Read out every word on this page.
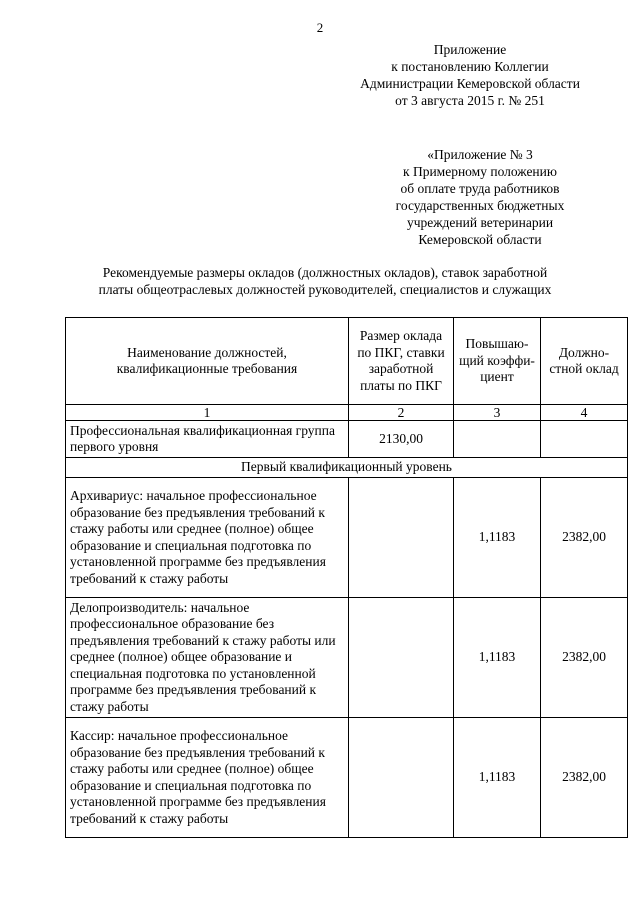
2
Приложение
к постановлению Коллегии
Администрации Кемеровской области
от 3 августа 2015 г. № 251
«Приложение № 3
к Примерному положению
об оплате труда работников
государственных бюджетных
учреждений ветеринарии
Кемеровской области
Рекомендуемые размеры окладов (должностных окладов), ставок заработной
платы общеотраслевых должностей руководителей, специалистов и служащих
Наименование должностей, квалификационные требования	Размер оклада по ПКГ, ставки заработной платы по ПКГ	Повышаю-щий коэффи-циент	Должно-стной оклад
1	2	3	4
Профессиональная квалификационная группа первого уровня	2130,00		
Первый квалификационный уровень			
Архивариус: начальное профессиональное образование без предъявления требований к стажу работы или среднее (полное) общее образование и специальная подготовка по установленной программе без предъявления требований к стажу работы		1,1183	2382,00
Делопроизводитель: начальное профессиональное образование без предъявления требований к стажу работы или среднее (полное) общее образование и специальная подготовка по установленной программе без предъявления требований к стажу работы		1,1183	2382,00
Кассир: начальное профессиональное образование без предъявления требований к стажу работы или среднее (полное) общее образование и специальная подготовка по установленной программе без предъявления требований к стажу работы		1,1183	2382,00
